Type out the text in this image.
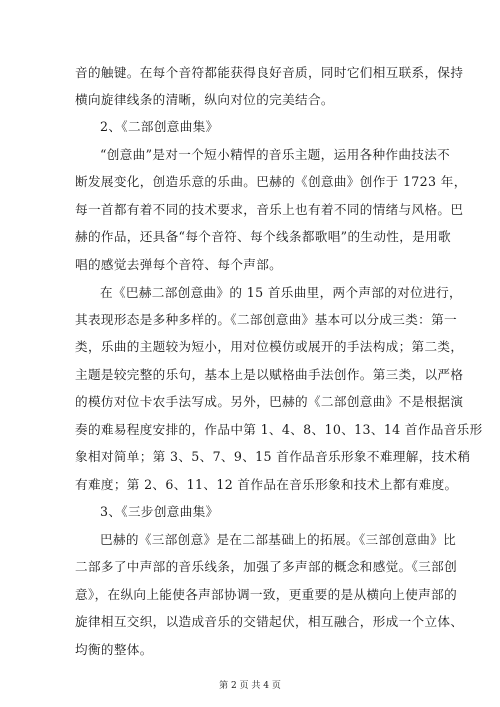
音的触键。在每个音符都能获得良好音质，同时它们相互联系，保持
横向旋律线条的清晰，纵向对位的完美结合。
2、《二部创意曲集》
“创意曲”是对一个短小精悍的音乐主题，运用各种作曲技法不
断发展变化，创造乐意的乐曲。巴赫的《创意曲》创作于 1723 年，
每一首都有着不同的技术要求，音乐上也有着不同的情绪与风格。巴
赫的作品，还具备“每个音符、每个线条都歌唱”的生动性，是用歌
唱的感觉去弹每个音符、每个声部。
在《巴赫二部创意曲》的 15 首乐曲里，两个声部的对位进行，
其表现形态是多种多样的。《二部创意曲》基本可以分成三类：第一
类，乐曲的主题较为短小，用对位模仿或展开的手法构成；第二类，
主题是较完整的乐句，基本上是以赋格曲手法创作。第三类，以严格
的模仿对位卡农手法写成。另外，巴赫的《二部创意曲》不是根据演
奏的难易程度安排的，作品中第 1、4、8、10、13、14 首作品音乐形
象相对简单；第 3、5、7、9、15 首作品音乐形象不难理解，技术稍
有难度；第 2、6、11、12 首作品在音乐形象和技术上都有难度。
3、《三步创意曲集》
巴赫的《三部创意》是在二部基础上的拓展。《三部创意曲》比
二部多了中声部的音乐线条，加强了多声部的概念和感觉。《三部创
意》，在纵向上能使各声部协调一致，更重要的是从横向上使声部的
旋律相互交织，以造成音乐的交错起伏，相互融合，形成一个立体、
均衡的整体。
第 2 页 共 4 页
